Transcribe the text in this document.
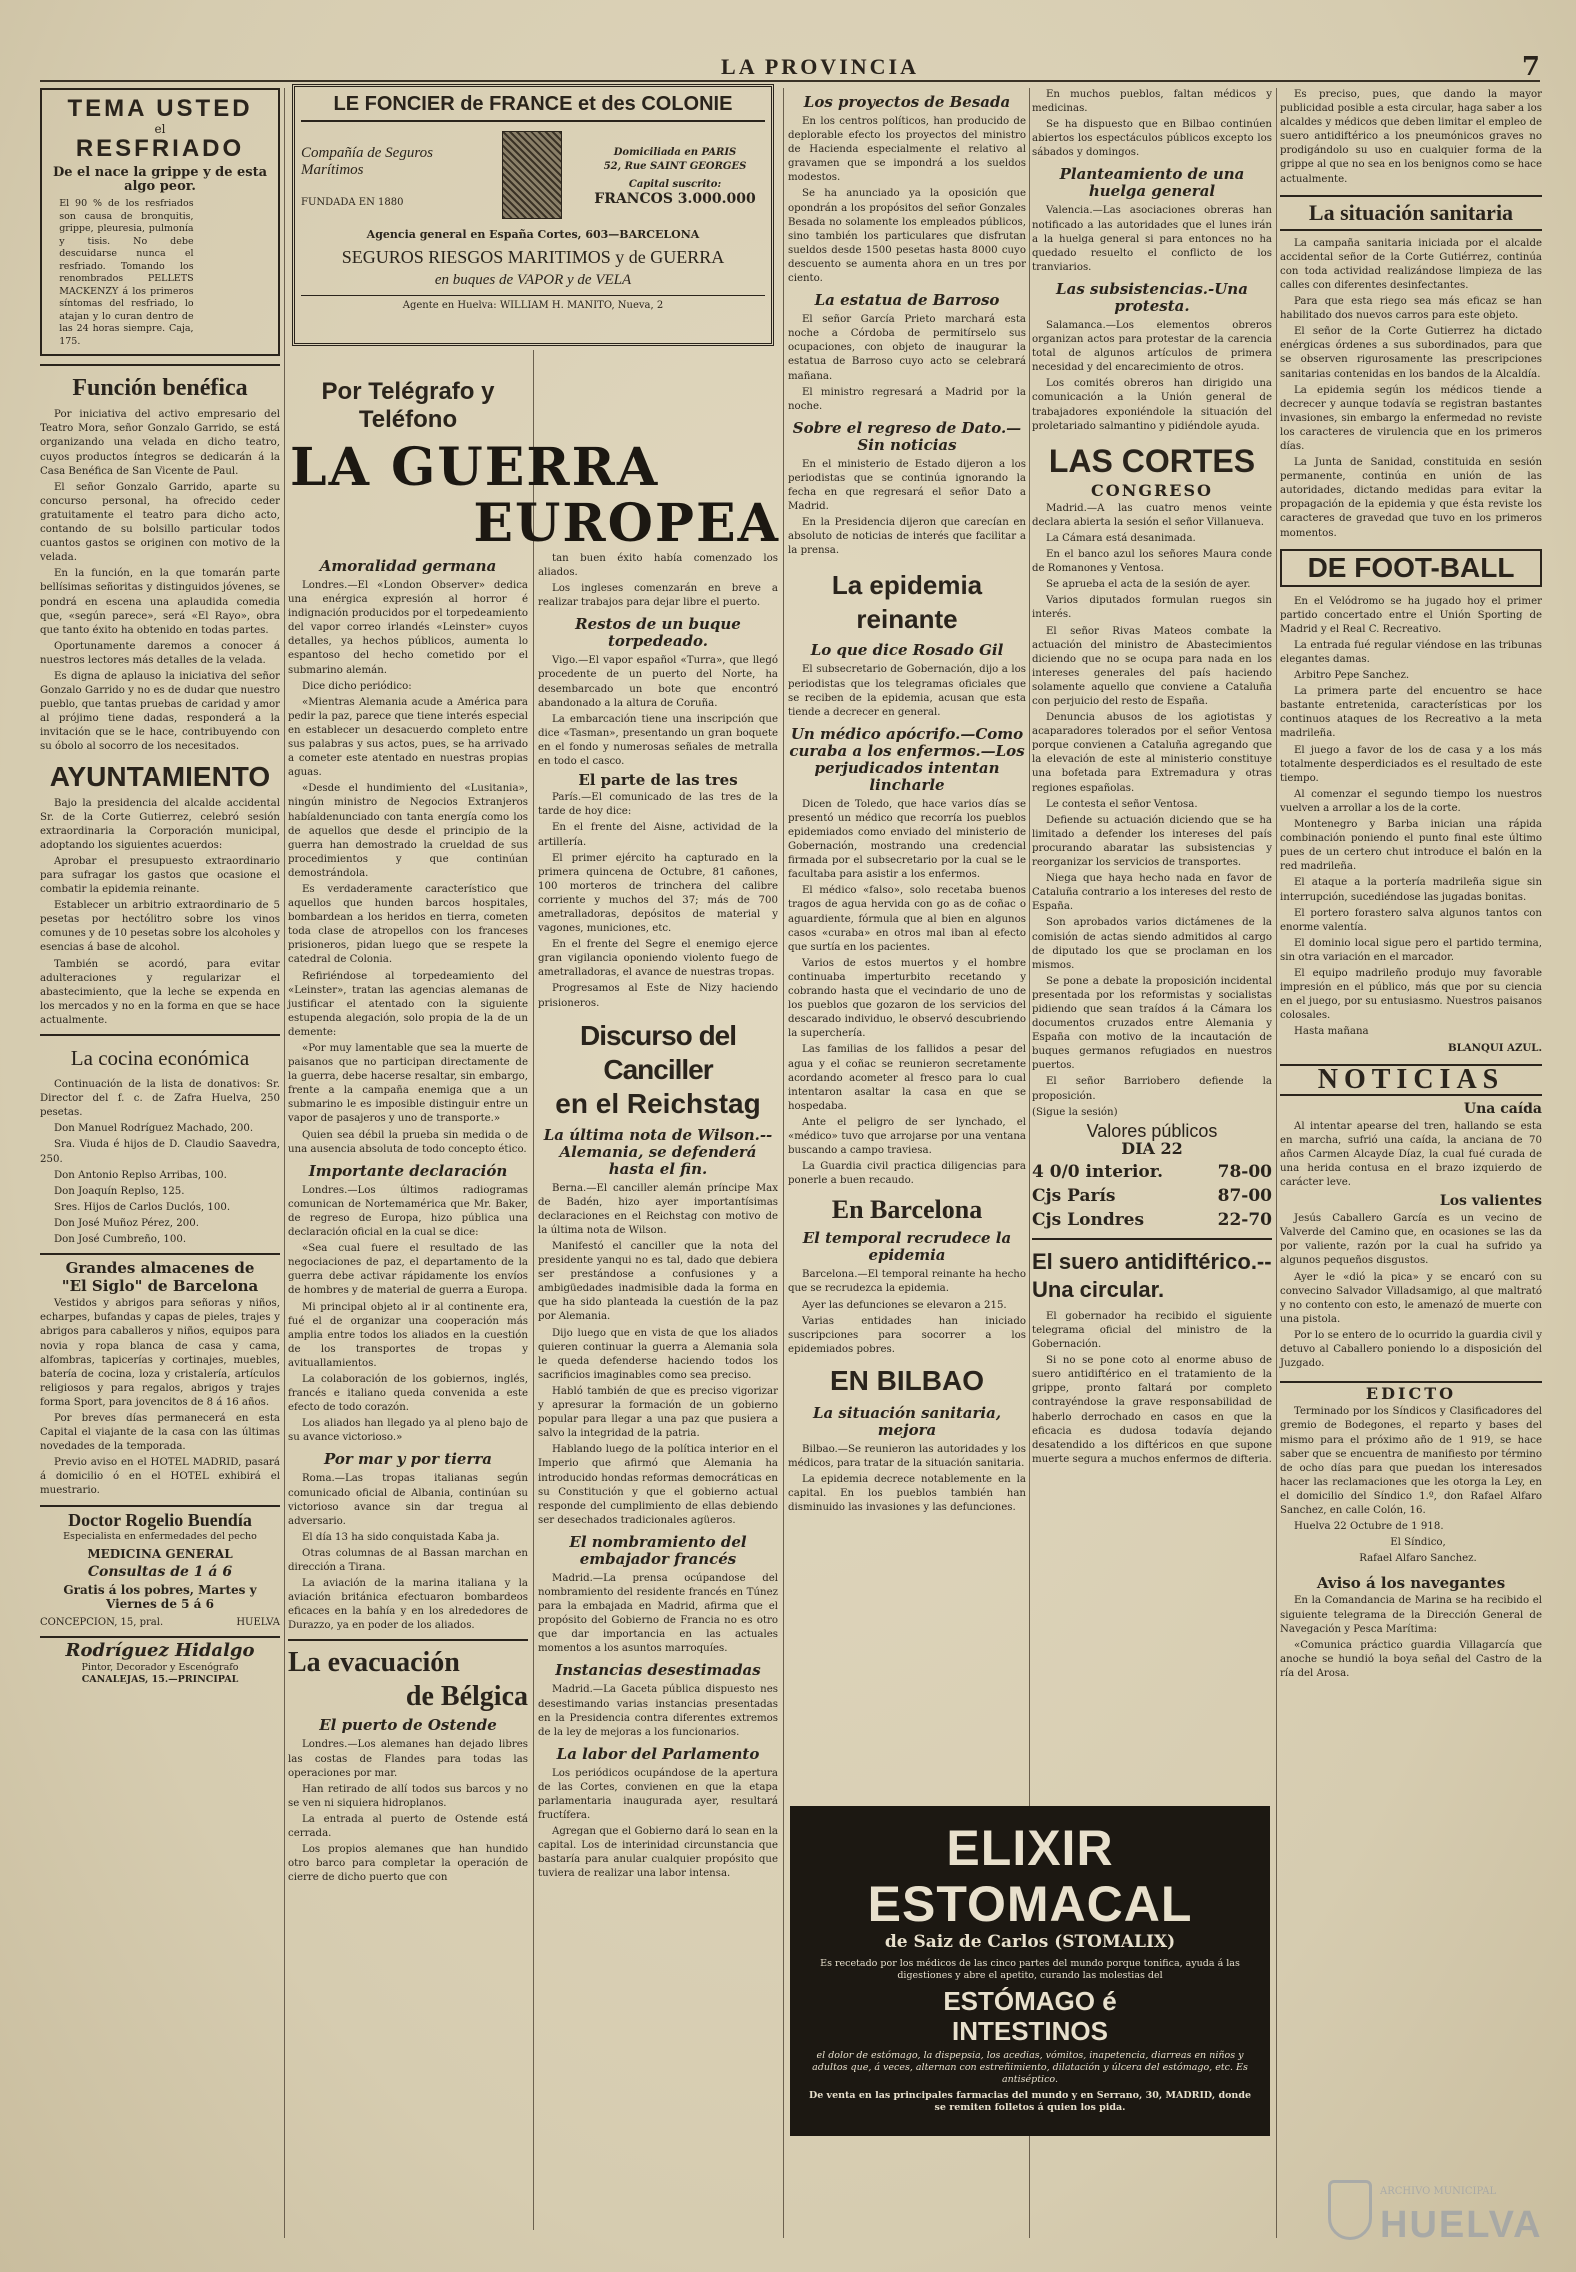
LA PROVINCIA	7
TEMA USTED
el
RESFRIADO
De el nace la grippe y de esta algo peor.
El 90 % de los resfriados son causa de bronquitis, grippe, pleuresia, pulmonía y tisis. No debe descuidarse nunca el resfriado. Tomando los renombrados PELLETS MACKENZY á los primeros síntomas del resfriado, lo atajan y lo curan dentro de las 24 horas siempre. Caja, 175.
Función benéfica

Por iniciativa del activo empresario del Teatro Mora, señor Gonzalo Garrido, se está organizando una velada en dicho teatro, cuyos productos íntegros se dedicarán á la Casa Benéfica de San Vicente de Paul.

El señor Gonzalo Garrido, aparte su concurso personal, ha ofrecido ceder gratuitamente el teatro para dicho acto, contando de su bolsillo particular todos cuantos gastos se originen con motivo de la velada.

En la función, en la que tomarán parte bellísimas señoritas y distinguidos jóvenes, se pondrá en escena una aplaudida comedia que, «según parece», será «El Rayo», obra que tanto éxito ha obtenido en todas partes.

Oportunamente daremos a conocer á nuestros lectores más detalles de la velada.

Es digna de aplauso la iniciativa del señor Gonzalo Garrido y no es de dudar que nuestro pueblo, que tantas pruebas de caridad y amor al prójimo tiene dadas, responderá a la invitación que se le hace, contribuyendo con su óbolo al socorro de los necesitados.

AYUNTAMIENTO

Bajo la presidencia del alcalde accidental Sr. de la Corte Gutierrez, celebró sesión extraordinaria la Corporación municipal, adoptando los siguientes acuerdos:

Aprobar el presupuesto extraordinario para sufragar los gastos que ocasione el combatir la epidemia reinante.

Establecer un arbitrio extraordinario de 5 pesetas por hectólitro sobre los vinos comunes y de 10 pesetas sobre los alcoholes y esencias á base de alcohol.

También se acordó, para evitar adulteraciones y regularizar el abastecimiento, que la leche se expenda en los mercados y no en la forma en que se hace actualmente.

La cocina económica

Continuación de la lista de donativos: Sr. Director del f. c. de Zafra Huelva, 250 pesetas.

Don Manuel Rodríguez Machado, 200.

Sra. Viuda é hijos de D. Claudio Saavedra, 250.

Don Antonio Replso Arribas, 100.

Don Joaquín Replso, 125.

Sres. Hijos de Carlos Duclós, 100.

Don José Muñoz Pérez, 200.

Don José Cumbreño, 100.

Grandes almacenes de
"El Siglo" de Barcelona

Vestidos y abrigos para señoras y niños, echarpes, bufandas y capas de pieles, trajes y abrigos para caballeros y niños, equipos para novia y ropa blanca de casa y cama, alfombras, tapicerías y cortinajes, muebles, batería de cocina, loza y cristalería, artículos religiosos y para regalos, abrigos y trajes forma Sport, para jovencitos de 8 á 16 años.

Por breves días permanecerá en esta Capital el viajante de la casa con las últimas novedades de la temporada.

Previo aviso en el HOTEL MADRID, pasará á domicilio ó en el HOTEL exhibirá el muestrario.

Doctor Rogelio Buendía
Especialista en enfermedades del pecho
MEDICINA GENERAL
Consultas de 1 á 6
Gratis á los pobres, Martes y Viernes de 5 á 6
CONCEPCION, 15, pral.	HUELVA
Rodríguez Hidalgo
Pintor, Decorador y Escenógrafo
CANALEJAS, 15.—PRINCIPAL
LE FONCIER de FRANCE et des COLONIE
Compañía de Seguros Marítimos
FUNDADA EN 1880
Domiciliada en PARIS
52, Rue SAINT GEORGES
Capital suscrito:
FRANCOS 3.000.000
Agencia general en España Cortes, 603—BARCELONA
SEGUROS RIESGOS MARITIMOS y de GUERRA
en buques de VAPOR y de VELA
Agente en Huelva: WILLIAM H. MANITO, Nueva, 2
Por Telégrafo y Teléfono
LA GUERRA
EUROPEA
Amoralidad germana

Londres.—El «London Observer» dedica una enérgica expresión al horror é indignación producidos por el torpedeamiento del vapor correo irlandés «Leinster» cuyos detalles, ya hechos públicos, aumenta lo espantoso del hecho cometido por el submarino alemán.

Dice dicho periódico:

«Mientras Alemania acude a América para pedir la paz, parece que tiene interés especial en establecer un desacuerdo completo entre sus palabras y sus actos, pues, se ha arrivado a cometer este atentado en nuestras propias aguas.

«Desde el hundimiento del «Lusitania», ningún ministro de Negocios Extranjeros habíaldenunciado con tanta energía como los de aquellos que desde el principio de la guerra han demostrado la crueldad de sus procedimientos y que continúan demostrándola.

Es verdaderamente característico que aquellos que hunden barcos hospitales, bombardean a los heridos en tierra, cometen toda clase de atropellos con los franceses prisioneros, pidan luego que se respete la catedral de Colonia.

Refiriéndose al torpedeamiento del «Leinster», tratan las agencias alemanas de justificar el atentado con la siguiente estupenda alegación, solo propia de la de un demente:

«Por muy lamentable que sea la muerte de paisanos que no participan directamente de la guerra, debe hacerse resaltar, sin embargo, frente a la campaña enemiga que a un submarino le es imposible distinguir entre un vapor de pasajeros y uno de transporte.»

Quien sea débil la prueba sin medida o de una ausencia absoluta de todo concepto ético.

Importante declaración

Londres.—Los últimos radiogramas comunican de Nortemamérica que Mr. Baker, de regreso de Europa, hizo pública una declaración oficial en la cual se dice:

«Sea cual fuere el resultado de las negociaciones de paz, el departamento de la guerra debe activar rápidamente los envíos de hombres y de material de guerra a Europa.

Mi principal objeto al ir al continente era, fué el de organizar una cooperación más amplia entre todos los aliados en la cuestión de los transportes de tropas y avituallamientos.

La colaboración de los gobiernos, inglés, francés e italiano queda convenida a este efecto de todo corazón.

Los aliados han llegado ya al pleno bajo de su avance victorioso.»

Por mar y por tierra

Roma.—Las tropas italianas según comunicado oficial de Albania, continúan su victorioso avance sin dar tregua al adversario.

El día 13 ha sido conquistada Kaba ja.

Otras columnas de al Bassan marchan en dirección a Tirana.

La aviación de la marina italiana y la aviación británica efectuaron bombardeos eficaces en la bahía y en los alrededores de Durazzo, ya en poder de los aliados.

La evacuación
de Bélgica
El puerto de Ostende

Londres.—Los alemanes han dejado libres las costas de Flandes para todas las operaciones por mar.

Han retirado de allí todos sus barcos y no se ven ni siquiera hidroplanos.

La entrada al puerto de Ostende está cerrada.

Los propios alemanes que han hundido otro barco para completar la operación de cierre de dicho puerto que con

tan buen éxito había comenzado los aliados.

Los ingleses comenzarán en breve a realizar trabajos para dejar libre el puerto.

Restos de un buque torpedeado.

Vigo.—El vapor español «Turra», que llegó procedente de un puerto del Norte, ha desembarcado un bote que encontró abandonado a la altura de Coruña.

La embarcación tiene una inscripción que dice «Tasman», presentando un gran boquete en el fondo y numerosas señales de metralla en todo el casco.

El parte de las tres

París.—El comunicado de las tres de la tarde de hoy dice:

En el frente del Aisne, actividad de la artillería.

El primer ejército ha capturado en la primera quincena de Octubre, 81 cañones, 100 morteros de trinchera del calibre corriente y muchos del 37; más de 700 ametralladoras, depósitos de material y vagones, municiones, etc.

En el frente del Segre el enemigo ejerce gran vigilancia oponiendo violento fuego de ametralladoras, el avance de nuestras tropas.

Progresamos al Este de Nizy haciendo prisioneros.

Discurso del Canciller
en el Reichstag
La última nota de Wilson.-- Alemania, se defenderá hasta el fin.

Berna.—El canciller alemán príncipe Max de Badén, hizo ayer importantísimas declaraciones en el Reichstag con motivo de la última nota de Wilson.

Manifestó el canciller que la nota del presidente yanqui no es tal, dado que debiera ser prestándose a confusiones y a ambigüedades inadmisible dada la forma en que ha sido planteada la cuestión de la paz por Alemania.

Dijo luego que en vista de que los aliados quieren continuar la guerra a Alemania sola le queda defenderse haciendo todos los sacrificios imaginables como sea preciso.

Habló también de que es preciso vigorizar y apresurar la formación de un gobierno popular para llegar a una paz que pusiera a salvo la integridad de la patria.

Hablando luego de la política interior en el Imperio que afirmó que Alemania ha introducido hondas reformas democráticas en su Constitución y que el gobierno actual responde del cumplimiento de ellas debiendo ser desechados tradicionales agüeros.

El nombramiento del embajador francés

Madrid.—La prensa ocúpandose del nombramiento del residente francés en Túnez para la embajada en Madrid, afirma que el propósito del Gobierno de Francia no es otro que dar importancia en las actuales momentos a los asuntos marroquíes.

Instancias desestimadas

Madrid.—La Gaceta pública dispuesto nes desestimando varias instancias presentadas en la Presidencia contra diferentes extremos de la ley de mejoras a los funcionarios.

La labor del Parlamento

Los periódicos ocupándose de la apertura de las Cortes, convienen en que la etapa parlamentaria inaugurada ayer, resultará fructífera.

Agregan que el Gobierno dará lo sean en la capital. Los de interinidad circunstancia que bastaría para anular cualquier propósito que tuviera de realizar una labor intensa.

Los proyectos de Besada

En los centros políticos, han producido de deplorable efecto los proyectos del ministro de Hacienda especialmente el relativo al gravamen que se impondrá a los sueldos modestos.

Se ha anunciado ya la oposición que opondrán a los propósitos del señor Gonzales Besada no solamente los empleados públicos, sino también los particulares que disfrutan sueldos desde 1500 pesetas hasta 8000 cuyo descuento se aumenta ahora en un tres por ciento.

La estatua de Barroso

El señor García Prieto marchará esta noche a Córdoba de permitírselo sus ocupaciones, con objeto de inaugurar la estatua de Barroso cuyo acto se celebrará mañana.

El ministro regresará a Madrid por la noche.

Sobre el regreso de Dato.—Sin noticias

En el ministerio de Estado dijeron a los periodistas que se continúa ignorando la fecha en que regresará el señor Dato a Madrid.

En la Presidencia dijeron que carecían en absoluto de noticias de interés que facilitar a la prensa.

La epidemia reinante
Lo que dice Rosado Gil

El subsecretario de Gobernación, dijo a los periodistas que los telegramas oficiales que se reciben de la epidemia, acusan que esta tiende a decrecer en general.

Un médico apócrifo.—Como curaba a los enfermos.—Los perjudicados intentan lincharle

Dicen de Toledo, que hace varios días se presentó un médico que recorría los pueblos epidemiados como enviado del ministerio de Gobernación, mostrando una credencial firmada por el subsecretario por la cual se le facultaba para asistir a los enfermos.

El médico «falso», solo recetaba buenos tragos de agua hervida con go as de coñac o aguardiente, fórmula que al bien en algunos casos «curaba» en otros mal iban al efecto que surtía en los pacientes.

Varios de estos muertos y el hombre continuaba imperturbito recetando y cobrando hasta que el vecindario de uno de los pueblos que gozaron de los servicios del descarado individuo, le observó descubriendo la superchería.

Las familias de los fallidos a pesar del agua y el coñac se reunieron secretamente acordando acometer al fresco para lo cual intentaron asaltar la casa en que se hospedaba.

Ante el peligro de ser lynchado, el «médico» tuvo que arrojarse por una ventana buscando a campo traviesa.

La Guardia civil practica diligencias para ponerle a buen recaudo.

En Barcelona
El temporal recrudece la epidemia

Barcelona.—El temporal reinante ha hecho que se recrudezca la epidemia.

Ayer las defunciones se elevaron a 215.

Varias entidades han iniciado suscripciones para socorrer a los epidemiados pobres.

EN BILBAO
La situación sanitaria, mejora

Bilbao.—Se reunieron las autoridades y los médicos, para tratar de la situación sanitaria.

La epidemia decrece notablemente en la capital. En los pueblos también han disminuido las invasiones y las defunciones.

En muchos pueblos, faltan médicos y medicinas.

Se ha dispuesto que en Bilbao continúen abiertos los espectáculos públicos excepto los sábados y domingos.

Planteamiento de una huelga general

Valencia.—Las asociaciones obreras han notificado a las autoridades que el lunes irán a la huelga general si para entonces no ha quedado resuelto el conflicto de los tranviarios.

Las subsistencias.-Una protesta.

Salamanca.—Los elementos obreros organizan actos para protestar de la carencia total de algunos artículos de primera necesidad y del encarecimiento de otros.

Los comités obreros han dirigido una comunicación a la Unión general de trabajadores exponiéndole la situación del proletariado salmantino y pidiéndole ayuda.

LAS CORTES
CONGRESO

Madrid.—A las cuatro menos veinte declara abierta la sesión el señor Villanueva.

La Cámara está desanimada.

En el banco azul los señores Maura conde de Romanones y Ventosa.

Se aprueba el acta de la sesión de ayer.

Varios diputados formulan ruegos sin interés.

El señor Rivas Mateos combate la actuación del ministro de Abastecimientos diciendo que no se ocupa para nada en los intereses generales del país haciendo solamente aquello que conviene a Cataluña con perjuicio del resto de España.

Denuncia abusos de los agiotistas y acaparadores tolerados por el señor Ventosa porque convienen a Cataluña agregando que la elevación de este al ministerio constituye una bofetada para Extremadura y otras regiones españolas.

Le contesta el señor Ventosa.

Defiende su actuación diciendo que se ha limitado a defender los intereses del país procurando abaratar las subsistencias y reorganizar los servicios de transportes.

Niega que haya hecho nada en favor de Cataluña contrario a los intereses del resto de España.

Son aprobados varios dictámenes de la comisión de actas siendo admitidos al cargo de diputado los que se proclaman en los mismos.

Se pone a debate la proposición incidental presentada por los reformistas y socialistas pidiendo que sean traídos á la Cámara los documentos cruzados entre Alemania y España con motivo de la incautación de buques germanos refugiados en nuestros puertos.

El señor Barriobero defiende la proposición.

(Sigue la sesión)

Valores públicos
DIA 22
4 0/0 interior.	78-00
Cjs París	87-00
Cjs Londres	22-70
El suero antidiftérico.--Una circular.

El gobernador ha recibido el siguiente telegrama oficial del ministro de la Gobernación.

Si no se pone coto al enorme abuso de suero antidiftérico en el tratamiento de la grippe, pronto faltará por completo contrayéndose la grave responsabilidad de haberlo derrochado en casos en que la eficacia es dudosa todavía dejando desatendido a los diftéricos en que supone muerte segura a muchos enfermos de difteria.

Es preciso, pues, que dando la mayor publicidad posible a esta circular, haga saber a los alcaldes y médicos que deben limitar el empleo de suero antidiftérico a los pneumónicos graves no prodigándolo su uso en cualquier forma de la grippe al que no sea en los benignos como se hace actualmente.

La situación sanitaria

La campaña sanitaria iniciada por el alcalde accidental señor de la Corte Gutiérrez, continúa con toda actividad realizándose limpieza de las calles con diferentes desinfectantes.

Para que esta riego sea más eficaz se han habilitado dos nuevos carros para este objeto.

El señor de la Corte Gutierrez ha dictado enérgicas órdenes a sus subordinados, para que se observen rigurosamente las prescripciones sanitarias contenidas en los bandos de la Alcaldía.

La epidemia según los médicos tiende a decrecer y aunque todavía se registran bastantes invasiones, sin embargo la enfermedad no reviste los caracteres de virulencia que en los primeros días.

La Junta de Sanidad, constituida en sesión permanente, continúa en unión de las autoridades, dictando medidas para evitar la propagación de la epidemia y que ésta reviste los caracteres de gravedad que tuvo en los primeros momentos.

DE FOOT-BALL

En el Velódromo se ha jugado hoy el primer partido concertado entre el Unión Sporting de Madrid y el Real C. Recreativo.

La entrada fué regular viéndose en las tribunas elegantes damas.

Arbitro Pepe Sanchez.

La primera parte del encuentro se hace bastante entretenida, características por los continuos ataques de los Recreativo a la meta madrileña.

El juego a favor de los de casa y a los más totalmente desperdiciados es el resultado de este tiempo.

Al comenzar el segundo tiempo los nuestros vuelven a arrollar a los de la corte.

Montenegro y Barba inician una rápida combinación poniendo el punto final este último pues de un certero chut introduce el balón en la red madrileña.

El ataque a la portería madrileña sigue sin interrupción, sucediéndose las jugadas bonitas.

El portero forastero salva algunos tantos con enorme valentía.

El dominio local sigue pero el partido termina, sin otra variación en el marcador.

El equipo madrileño produjo muy favorable impresión en el público, más que por su ciencia en el juego, por su entusiasmo. Nuestros paisanos colosales.

Hasta mañana

BLANQUI AZUL.
NOTICIAS
Una caída

Al intentar apearse del tren, hallando se esta en marcha, sufrió una caída, la anciana de 70 años Carmen Alcayde Díaz, la cual fué curada de una herida contusa en el brazo izquierdo de carácter leve.

Los valientes

Jesús Caballero García es un vecino de Valverde del Camino que, en ocasiones se las da por valiente, razón por la cual ha sufrido ya algunos pequeños disgustos.

Ayer le «dió la pica» y se encaró con su convecino Salvador Villadsamigo, al que maltrató y no contento con esto, le amenazó de muerte con una pistola.

Por lo se entero de lo ocurrido la guardia civil y detuvo al Caballero poniendo lo a disposición del Juzgado.

EDICTO

Terminado por los Síndicos y Clasificadores del gremio de Bodegones, el reparto y bases del mismo para el próximo año de 1 919, se hace saber que se encuentra de manifiesto por término de ocho días para que puedan los interesados hacer las reclamaciones que les otorga la Ley, en el domicilio del Síndico 1.º, don Rafael Alfaro Sanchez, en calle Colón, 16.

Huelva 22 Octubre de 1 918.

El Síndico,

Rafael Alfaro Sanchez.

Aviso á los navegantes

En la Comandancia de Marina se ha recibido el siguiente telegrama de la Dirección General de Navegación y Pesca Marítima:

«Comunica práctico guardia Villagarcía que anoche se hundió la boya señal del Castro de la ría del Arosa.

ELIXIR ESTOMACAL
de Saiz de Carlos (STOMALIX)
Es recetado por los médicos de las cinco partes del mundo porque tonifica, ayuda á las digestiones y abre el apetito, curando las molestias del
ESTÓMAGO é
INTESTINOS
el dolor de estómago, la dispepsia, los acedias, vómitos, inapetencia, diarreas en niños y adultos que, á veces, alternan con estreñimiento, dilatación y úlcera del estómago, etc. Es antiséptico.
De venta en las principales farmacias del mundo y en Serrano, 30, MADRID, donde se remiten folletos á quien los pida.
ARCHIVO MUNICIPAL
HUELVA
